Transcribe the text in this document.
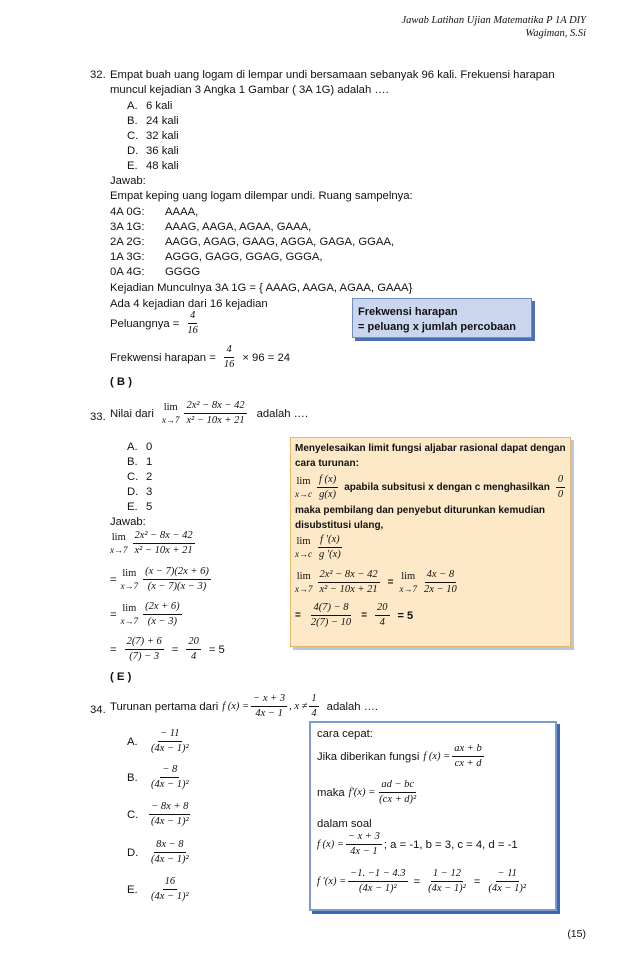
Jawab Latihan Ujian Matematika P 1A DIY
Wagiman, S.Si
32. Empat buah uang logam di lempar undi bersamaan sebanyak 96 kali. Frekuensi harapan
muncul kejadian 3 Angka 1 Gambar ( 3A 1G) adalah ….
A. 6 kali
B. 24 kali
C. 32 kali
D. 36 kali
E. 48 kali
Jawab:
Empat keping uang logam dilempar undi. Ruang sampelnya:
4A 0G: AAAA,
3A 1G: AAAG, AAGA, AGAA, GAAA,
2A 2G: AAGG, AGAG, GAAG, AGGA, GAGA, GGAA,
1A 3G: AGGG, GAGG, GGAG, GGGA,
0A 4G: GGGG
Kejadian Munculnya 3A 1G = { AAAG, AAGA, AGAA, GAAA}
Ada 4 kejadian dari 16 kejadian
Peluangnya = $\frac{4}{16}$
Frekwensi harapan = $\frac{4}{16} \times 96 = 24$
( B )
Frekwensi harapan
= peluang x jumlah percobaan
33. Nilai dari
lim
$x\to 7 \frac{\text{2x² − 8x − 42}}{\text{x² − 10x + 21}}$ adalah ….
A. 0
B. 1
C. 2
D. 3
E. 5
Jawab:
lim
$x\to 7 \frac{\text{2x² − 8x − 42}}{\text{x² − 10x + 21}}$
=
lim
$x\to 7 \frac{(x - 7)(2x + 6)}{(x - 7)(x - 3)}$
=
lim
$x\to 7 \frac{(2x + 6)}{(x - 3)}$
= $\frac{2(7) + 6}{(7) - 3} = \frac{20}{4} = 5$
( E )
Menyelesaikan limit fungsi aljabar rasional dapat dengan
cara turunan:
lim
$x\to c \frac{f (x)}{g(x)}$ apabila subsitusi x dengan c menghasilkan $\frac{0}{0}$
maka pembilang dan penyebut diturunkan kemudian
disubstitusi ulang,
lim
$x\to c \frac{f '(x)}{g '(x)}$
lim
$x\to 7 \frac{\text{2x² − 8x − 42}}{\text{x² − 10x + 21}}$ =
lim
$x\to 7 \frac{4x - 8}{2x - 10}$
= $\frac{4(7) - 8}{2(7) - 10} = \frac{20}{4} = 5$
34. Turunan pertama dari f $(x) = \frac{- x + 3}{4x - 1}$ , $x \ne \frac{1}{4}$ adalah ….
A.	$\frac{- 11}{\text{(4x − 1)²}}$
B.	$\frac{- 8}{\text{(4x − 1)²}}$
C.	$\frac{- 8x + 8}{\text{(4x − 1)²}}$
D.	$\frac{8x - 8}{\text{(4x − 1)²}}$
E.	$\frac{16}{\text{(4x − 1)²}}$
cara cepat:
Jika diberikan fungsi f $(x) = \frac{ax + b}{cx + d}$
maka $f'(x) = \frac{ad - bc}{\text{(cx + d)²}}$
dalam soal
f $(x) = \frac{- x + 3}{4x - 1}$ ; a = -1, b = 3, c = 4, d = -1
f '$(x) = \frac{-1. -1 - 4.3}{\text{(4x − 1)²}} = \frac{1 - 12}{\text{(4x − 1)²}} = \frac{- 11}{\text{(4x − 1)²}}$
(15)
